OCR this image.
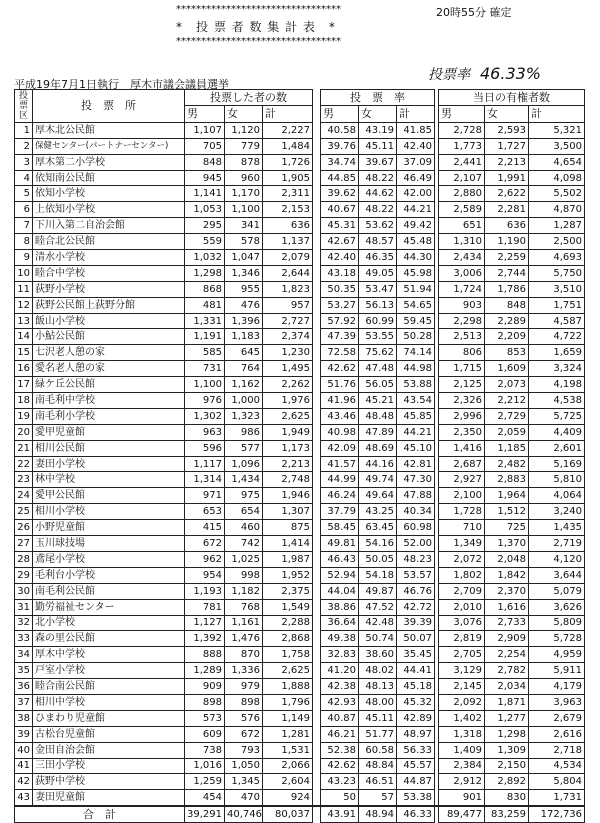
*********************************
*　投 票 者 数 集 計 表　*
*********************************
20時55分 確定
平成19年7月1日執行　厚木市議会議員選挙
投票率 46.33%
投票区	投　票　所	投票した者の数				投　票　率				当日の有権者数		
		男	女	計		男	女	計		男	女	計
1	厚木北公民館	1,107	1,120	2,227		40.58	43.19	41.85		2,728	2,593	5,321
2	保健センター(パートナーセンター)	705	779	1,484		39.76	45.11	42.40		1,773	1,727	3,500
3	厚木第二小学校	848	878	1,726		34.74	39.67	37.09		2,441	2,213	4,654
4	依知南公民館	945	960	1,905		44.85	48.22	46.49		2,107	1,991	4,098
5	依知小学校	1,141	1,170	2,311		39.62	44.62	42.00		2,880	2,622	5,502
6	上依知小学校	1,053	1,100	2,153		40.67	48.22	44.21		2,589	2,281	4,870
7	下川入第二自治会館	295	341	636		45.31	53.62	49.42		651	636	1,287
8	睦合北公民館	559	578	1,137		42.67	48.57	45.48		1,310	1,190	2,500
9	清水小学校	1,032	1,047	2,079		42.40	46.35	44.30		2,434	2,259	4,693
10	睦合中学校	1,298	1,346	2,644		43.18	49.05	45.98		3,006	2,744	5,750
11	荻野小学校	868	955	1,823		50.35	53.47	51.94		1,724	1,786	3,510
12	荻野公民館上荻野分館	481	476	957		53.27	56.13	54.65		903	848	1,751
13	飯山小学校	1,331	1,396	2,727		57.92	60.99	59.45		2,298	2,289	4,587
14	小鮎公民館	1,191	1,183	2,374		47.39	53.55	50.28		2,513	2,209	4,722
15	七沢老人憩の家	585	645	1,230		72.58	75.62	74.14		806	853	1,659
16	愛名老人憩の家	731	764	1,495		42.62	47.48	44.98		1,715	1,609	3,324
17	緑ケ丘公民館	1,100	1,162	2,262		51.76	56.05	53.88		2,125	2,073	4,198
18	南毛利中学校	976	1,000	1,976		41.96	45.21	43.54		2,326	2,212	4,538
19	南毛利小学校	1,302	1,323	2,625		43.46	48.48	45.85		2,996	2,729	5,725
20	愛甲児童館	963	986	1,949		40.98	47.89	44.21		2,350	2,059	4,409
21	相川公民館	596	577	1,173		42.09	48.69	45.10		1,416	1,185	2,601
22	妻田小学校	1,117	1,096	2,213		41.57	44.16	42.81		2,687	2,482	5,169
23	林中学校	1,314	1,434	2,748		44.99	49.74	47.30		2,927	2,883	5,810
24	愛甲公民館	971	975	1,946		46.24	49.64	47.88		2,100	1,964	4,064
25	相川小学校	653	654	1,307		37.79	43.25	40.34		1,728	1,512	3,240
26	小野児童館	415	460	875		58.45	63.45	60.98		710	725	1,435
27	玉川球技場	672	742	1,414		49.81	54.16	52.00		1,349	1,370	2,719
28	鳶尾小学校	962	1,025	1,987		46.43	50.05	48.23		2,072	2,048	4,120
29	毛利台小学校	954	998	1,952		52.94	54.18	53.57		1,802	1,842	3,644
30	南毛利公民館	1,193	1,182	2,375		44.04	49.87	46.76		2,709	2,370	5,079
31	勤労福祉センター	781	768	1,549		38.86	47.52	42.72		2,010	1,616	3,626
32	北小学校	1,127	1,161	2,288		36.64	42.48	39.39		3,076	2,733	5,809
33	森の里公民館	1,392	1,476	2,868		49.38	50.74	50.07		2,819	2,909	5,728
34	厚木中学校	888	870	1,758		32.83	38.60	35.45		2,705	2,254	4,959
35	戸室小学校	1,289	1,336	2,625		41.20	48.02	44.41		3,129	2,782	5,911
36	睦合南公民館	909	979	1,888		42.38	48.13	45.18		2,145	2,034	4,179
37	相川中学校	898	898	1,796		42.93	48.00	45.32		2,092	1,871	3,963
38	ひまわり児童館	573	576	1,149		40.87	45.11	42.89		1,402	1,277	2,679
39	古松台児童館	609	672	1,281		46.21	51.77	48.97		1,318	1,298	2,616
40	金田自治会館	738	793	1,531		52.38	60.58	56.33		1,409	1,309	2,718
41	三田小学校	1,016	1,050	2,066		42.62	48.84	45.57		2,384	2,150	4,534
42	荻野中学校	1,259	1,345	2,604		43.23	46.51	44.87		2,912	2,892	5,804
43	妻田児童館	454	470	924		50	57	53.38		901	830	1,731
合　計		39,291	40,746	80,037		43.91	48.94	46.33		89,477	83,259	172,736
